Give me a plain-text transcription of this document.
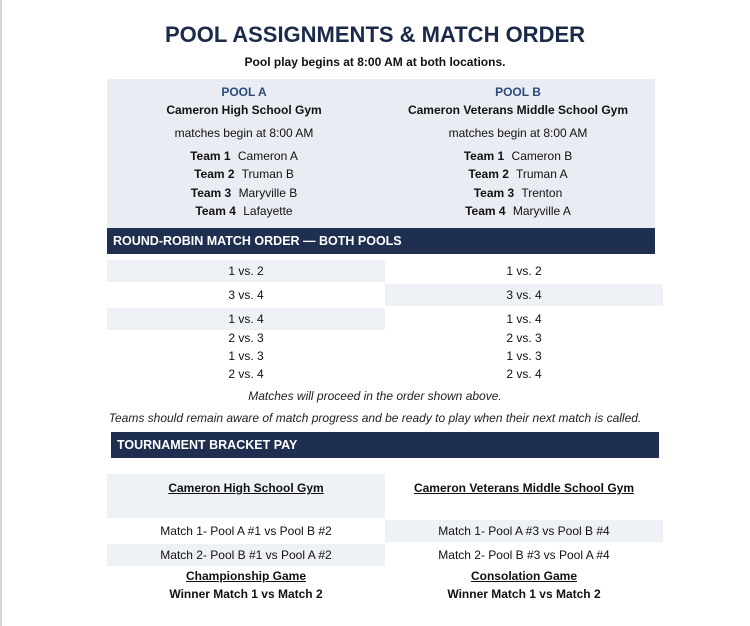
POOL ASSIGNMENTS & MATCH ORDER
Pool play begins at 8:00 AM at both locations.
POOL A
Cameron High School Gym
matches begin at 8:00 AM
Team 1 Cameron A
Team 2 Truman B
Team 3 Maryville B
Team 4 Lafayette
POOL B
Cameron Veterans Middle School Gym
matches begin at 8:00 AM
Team 1 Cameron B
Team 2 Truman A
Team 3 Trenton
Team 4 Maryville A
ROUND-ROBIN MATCH ORDER — BOTH POOLS
1 vs. 2
3 vs. 4
1 vs. 4
2 vs. 3
1 vs. 3
2 vs. 4
1 vs. 2
3 vs. 4
1 vs. 4
2 vs. 3
1 vs. 3
2 vs. 4
Matches will proceed in the order shown above.
Teams should remain aware of match progress and be ready to play when their next match is called.
TOURNAMENT BRACKET PAY
Cameron High School Gym
Match 1- Pool A #1 vs Pool B #2
Match 2- Pool B #1 vs Pool A #2
Championship Game
Winner Match 1 vs Match 2
Cameron Veterans Middle School Gym
Match 1- Pool A #3 vs Pool B #4
Match 2- Pool B #3 vs Pool A #4
Consolation Game
Winner Match 1 vs Match 2
